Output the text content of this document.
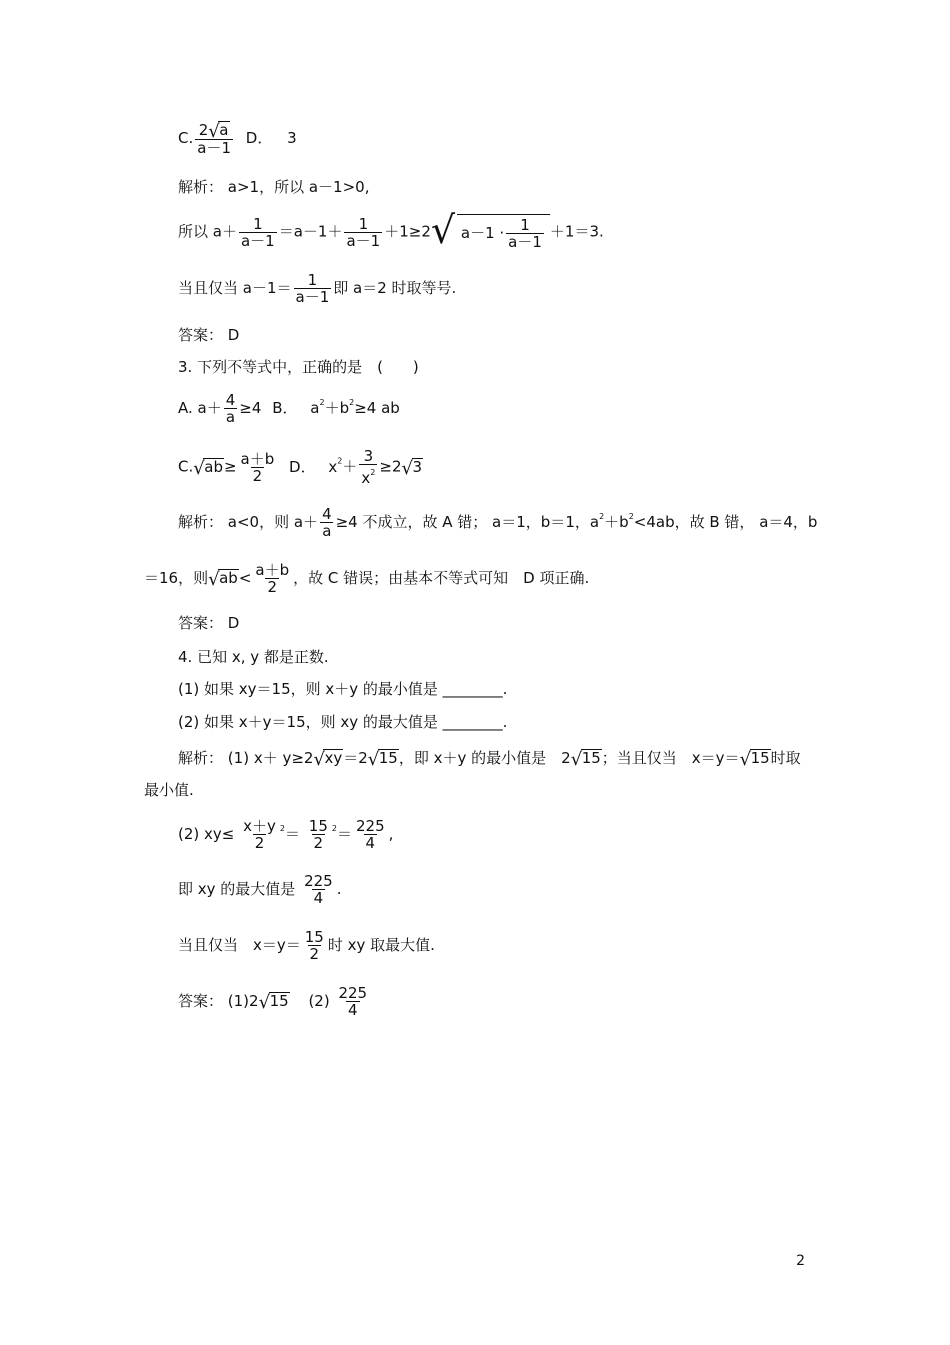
C. $\frac{2 √ a}{a-1}$ D． 3
解析： a>1，所以 a－1>0,
所以 $a+ \frac{1}{a-1} =a-1+ \frac{1}{a-1} +1\ge 2$ √ $a-1 \cdot \frac{1}{a-1} +1=3$.
当且仅当 $a-1= \frac{1}{a-1}$ 即 a＝2 时取等号.
答案： D
3. 下列不等式中，正确的是　(　　)
A. $a+ \frac{4}{a} \ge 4$ B． $a^2+b^2\ge 4$ ab
C. √ $ab\ge \frac{a+b}{2}$ D． $x^2+ \frac{3}{x^2} \ge 2$ √ 3
解析： a<0，则 $a+ \frac{4}{a} \ge 4$ 不成立，故 A 错； a＝1，b＝1，$a^2+b^2<4ab$，故 B 错， a＝4，b
＝16，则 √ $ab< \frac{a+b}{2}$ ，故 C 错误；由基本不等式可知　D 项正确.
答案： D
4. 已知 x, y 都是正数.
(1) 如果 xy＝15，则 x＋y 的最小值是 ________.
(2) 如果 x＋y＝15，则 xy 的最大值是 ________.
解析： (1) x＋ y≥2 √ xy＝2 √ 15，即 x＋y 的最小值是　2 √ 15；当且仅当　x＝y＝ √ 15时取
最小值.
(2) $xy\le \frac{x+y}{2} ^2= \frac{15}{2} ^2= \frac{225}{4}$ ,
即 xy 的最大值是 $\frac{225}{4}$ .
当且仅当　$x=y= \frac{15}{2}$ 时 xy 取最大值.
答案： (1)2 √ 15 $(2) \frac{225}{4}$
2
